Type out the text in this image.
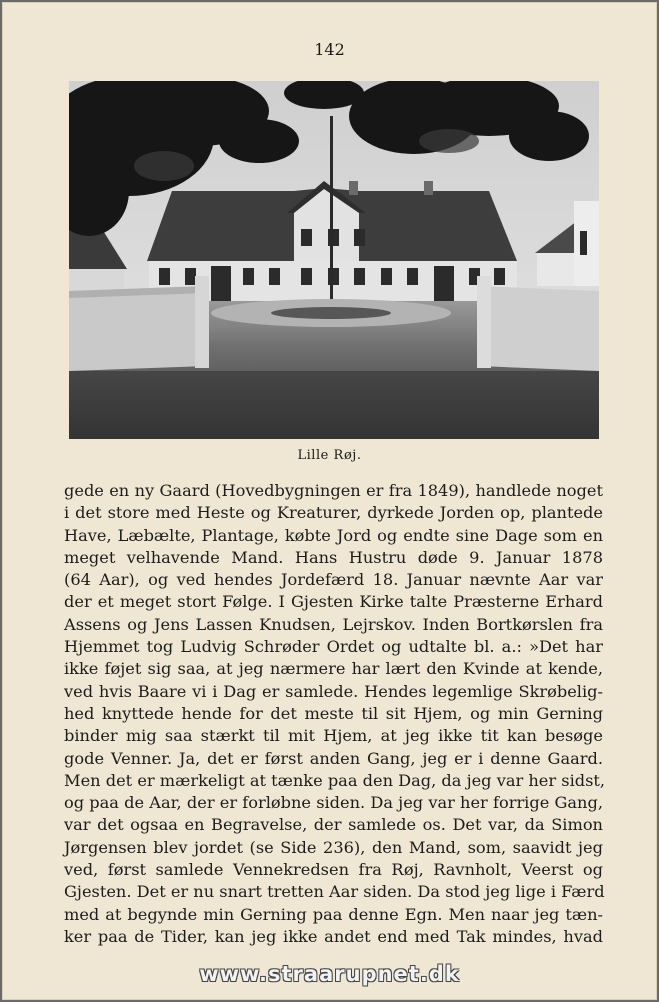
142
Lille Røj.
gede en ny Gaard (Hovedbygningen er fra 1849), handlede noget
i det store med Heste og Kreaturer, dyrkede Jorden op, plantede
Have, Læbælte, Plantage, købte Jord og endte sine Dage som en
meget velhavende Mand. Hans Hustru døde 9. Januar 1878
(64 Aar), og ved hendes Jordefærd 18. Januar nævnte Aar var
der et meget stort Følge. I Gjesten Kirke talte Præsterne Erhard
Assens og Jens Lassen Knudsen, Lejrskov. Inden Bortkørslen fra
Hjemmet tog Ludvig Schrøder Ordet og udtalte bl. a.: »Det har
ikke føjet sig saa, at jeg nærmere har lært den Kvinde at kende,
ved hvis Baare vi i Dag er samlede. Hendes legemlige Skrøbelig-
hed knyttede hende for det meste til sit Hjem, og min Gerning
binder mig saa stærkt til mit Hjem, at jeg ikke tit kan besøge
gode Venner. Ja, det er først anden Gang, jeg er i denne Gaard.
Men det er mærkeligt at tænke paa den Dag, da jeg var her sidst,
og paa de Aar, der er forløbne siden. Da jeg var her forrige Gang,
var det ogsaa en Begravelse, der samlede os. Det var, da Simon
Jørgensen blev jordet (se Side 236), den Mand, som, saavidt jeg
ved, først samlede Vennekredsen fra Røj, Ravnholt, Veerst og
Gjesten. Det er nu snart tretten Aar siden. Da stod jeg lige i Færd
med at begynde min Gerning paa denne Egn. Men naar jeg tæn-
ker paa de Tider, kan jeg ikke andet end med Tak mindes, hvad
www.straarupnet.dk
